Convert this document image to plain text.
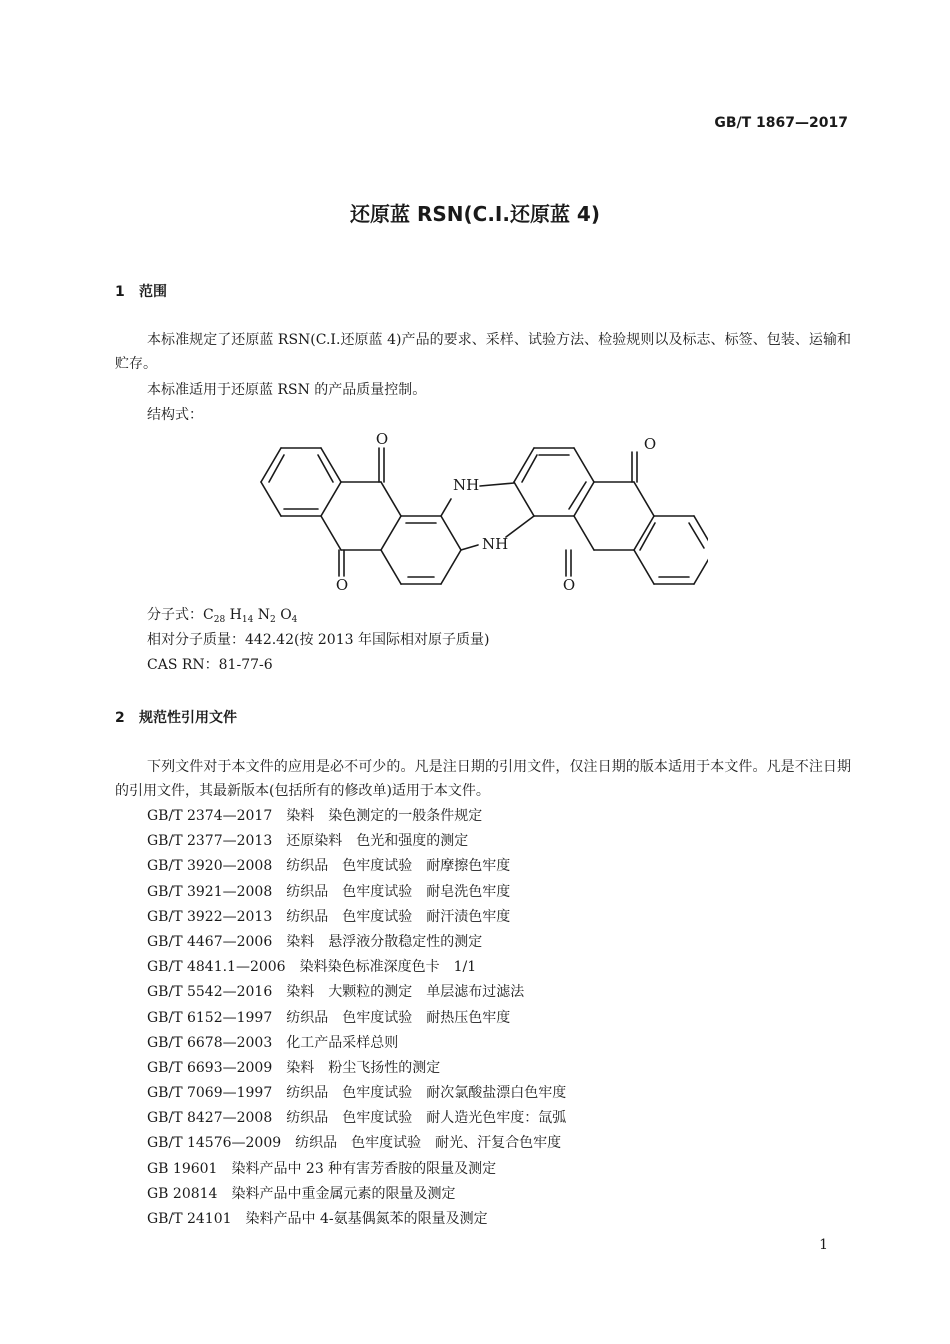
GB/T 1867—2017
还原蓝 RSN(C.I.还原蓝 4)
1 范围
本标准规定了还原蓝 RSN(C.I.还原蓝 4)产品的要求、采样、试验方法、检验规则以及标志、标签、包装、运输和贮存。
本标准适用于还原蓝 RSN 的产品质量控制。
结构式：
O
O
O
O
NH
NH
分子式：$C_{28}$ $H_{14}$ $N_2$ $O_4$
相对分子质量：442.42(按 2013 年国际相对原子质量)
CAS RN：81-77-6
2 规范性引用文件
下列文件对于本文件的应用是必不可少的。凡是注日期的引用文件，仅注日期的版本适用于本文件。凡是不注日期的引用文件，其最新版本(包括所有的修改单)适用于本文件。
GB/T 2374—2017　染料　染色测定的一般条件规定
GB/T 2377—2013　还原染料　色光和强度的测定
GB/T 3920—2008　纺织品　色牢度试验　耐摩擦色牢度
GB/T 3921—2008　纺织品　色牢度试验　耐皂洗色牢度
GB/T 3922—2013　纺织品　色牢度试验　耐汗渍色牢度
GB/T 4467—2006　染料　悬浮液分散稳定性的测定
GB/T 4841.1—2006　染料染色标准深度色卡　1/1
GB/T 5542—2016　染料　大颗粒的测定　单层滤布过滤法
GB/T 6152—1997　纺织品　色牢度试验　耐热压色牢度
GB/T 6678—2003　化工产品采样总则
GB/T 6693—2009　染料　粉尘飞扬性的测定
GB/T 7069—1997　纺织品　色牢度试验　耐次氯酸盐漂白色牢度
GB/T 8427—2008　纺织品　色牢度试验　耐人造光色牢度：氙弧
GB/T 14576—2009　纺织品　色牢度试验　耐光、汗复合色牢度
GB 19601　染料产品中 23 种有害芳香胺的限量及测定
GB 20814　染料产品中重金属元素的限量及测定
GB/T 24101　染料产品中 4-氨基偶氮苯的限量及测定
1
